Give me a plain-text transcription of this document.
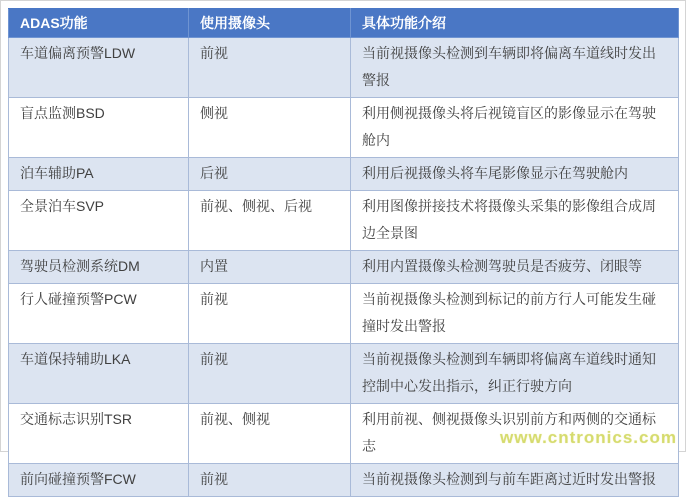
ADAS功能	使用摄像头	具体功能介绍
车道偏离预警LDW	前视	当前视摄像头检测到车辆即将偏离车道线时发出警报
盲点监测BSD	侧视	利用侧视摄像头将后视镜盲区的影像显示在驾驶舱内
泊车辅助PA	后视	利用后视摄像头将车尾影像显示在驾驶舱内
全景泊车SVP	前视、侧视、后视	利用图像拼接技术将摄像头采集的影像组合成周边全景图
驾驶员检测系统DM	内置	利用内置摄像头检测驾驶员是否疲劳、闭眼等
行人碰撞预警PCW	前视	当前视摄像头检测到标记的前方行人可能发生碰撞时发出警报
车道保持辅助LKA	前视	当前视摄像头检测到车辆即将偏离车道线时通知控制中心发出指示，纠正行驶方向
交通标志识别TSR	前视、侧视	利用前视、侧视摄像头识别前方和两侧的交通标志
前向碰撞预警FCW	前视	当前视摄像头检测到与前车距离过近时发出警报
www.cntronics.com
